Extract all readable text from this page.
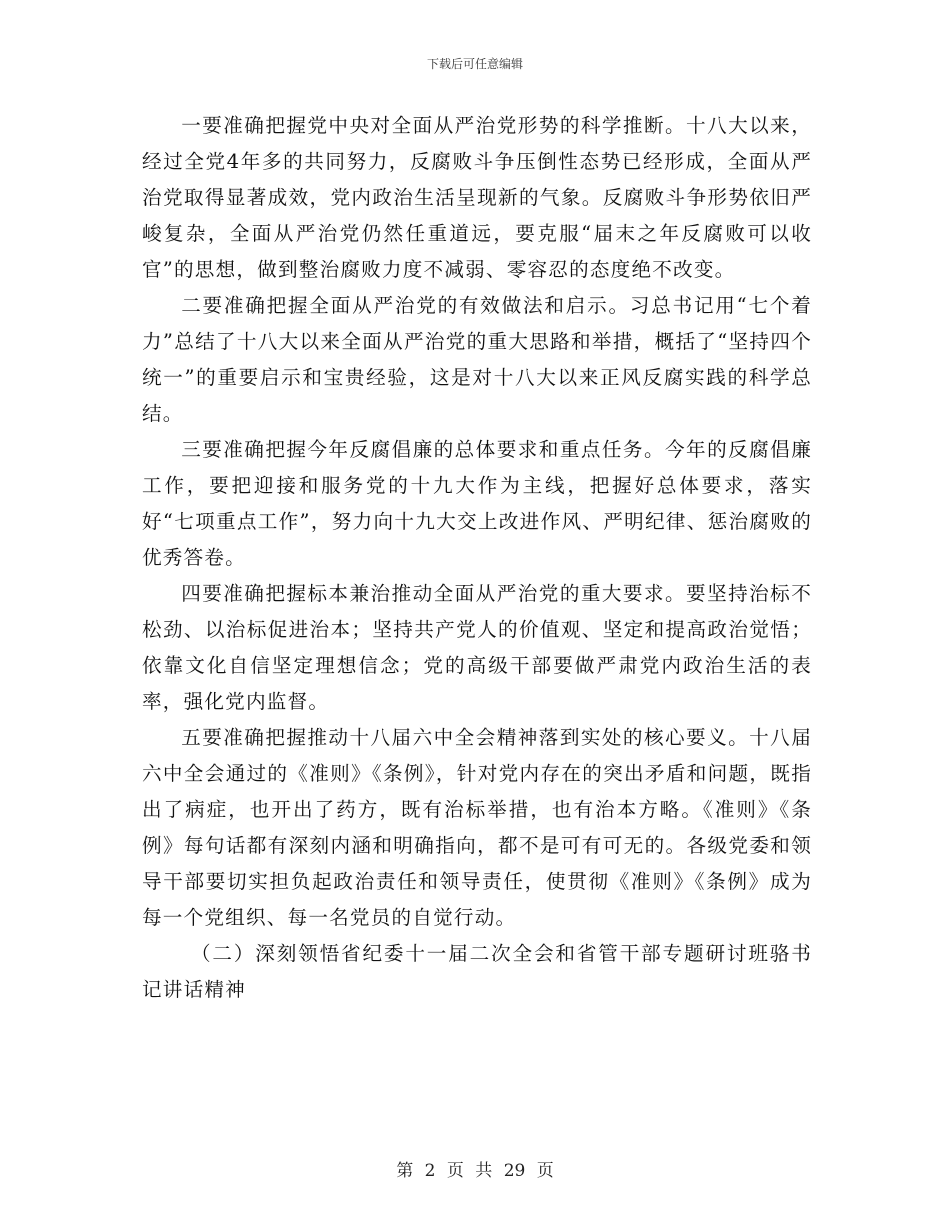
下载后可任意编辑

一要准确把握党中央对全面从严治党形势的科学推断。十八大以来，经过全党4年多的共同努力，反腐败斗争压倒性态势已经形成，全面从严治党取得显著成效，党内政治生活呈现新的气象。反腐败斗争形势依旧严峻复杂，全面从严治党仍然任重道远，要克服“届末之年反腐败可以收官”的思想，做到整治腐败力度不减弱、零容忍的态度绝不改变。

二要准确把握全面从严治党的有效做法和启示。习总书记用“七个着力”总结了十八大以来全面从严治党的重大思路和举措，概括了“坚持四个统一”的重要启示和宝贵经验，这是对十八大以来正风反腐实践的科学总结。

三要准确把握今年反腐倡廉的总体要求和重点任务。今年的反腐倡廉工作，要把迎接和服务党的十九大作为主线，把握好总体要求，落实好“七项重点工作”，努力向十九大交上改进作风、严明纪律、惩治腐败的优秀答卷。

四要准确把握标本兼治推动全面从严治党的重大要求。要坚持治标不松劲、以治标促进治本；坚持共产党人的价值观、坚定和提高政治觉悟；依靠文化自信坚定理想信念；党的高级干部要做严肃党内政治生活的表率，强化党内监督。

五要准确把握推动十八届六中全会精神落到实处的核心要义。十八届六中全会通过的《准则》《条例》，针对党内存在的突出矛盾和问题，既指出了病症，也开出了药方，既有治标举措，也有治本方略。《准则》《条例》每句话都有深刻内涵和明确指向，都不是可有可无的。各级党委和领导干部要切实担负起政治责任和领导责任，使贯彻《准则》《条例》成为每一个党组织、每一名党员的自觉行动。

（二）深刻领悟省纪委十一届二次全会和省管干部专题研讨班骆书记讲话精神

第 2 页 共 29 页
